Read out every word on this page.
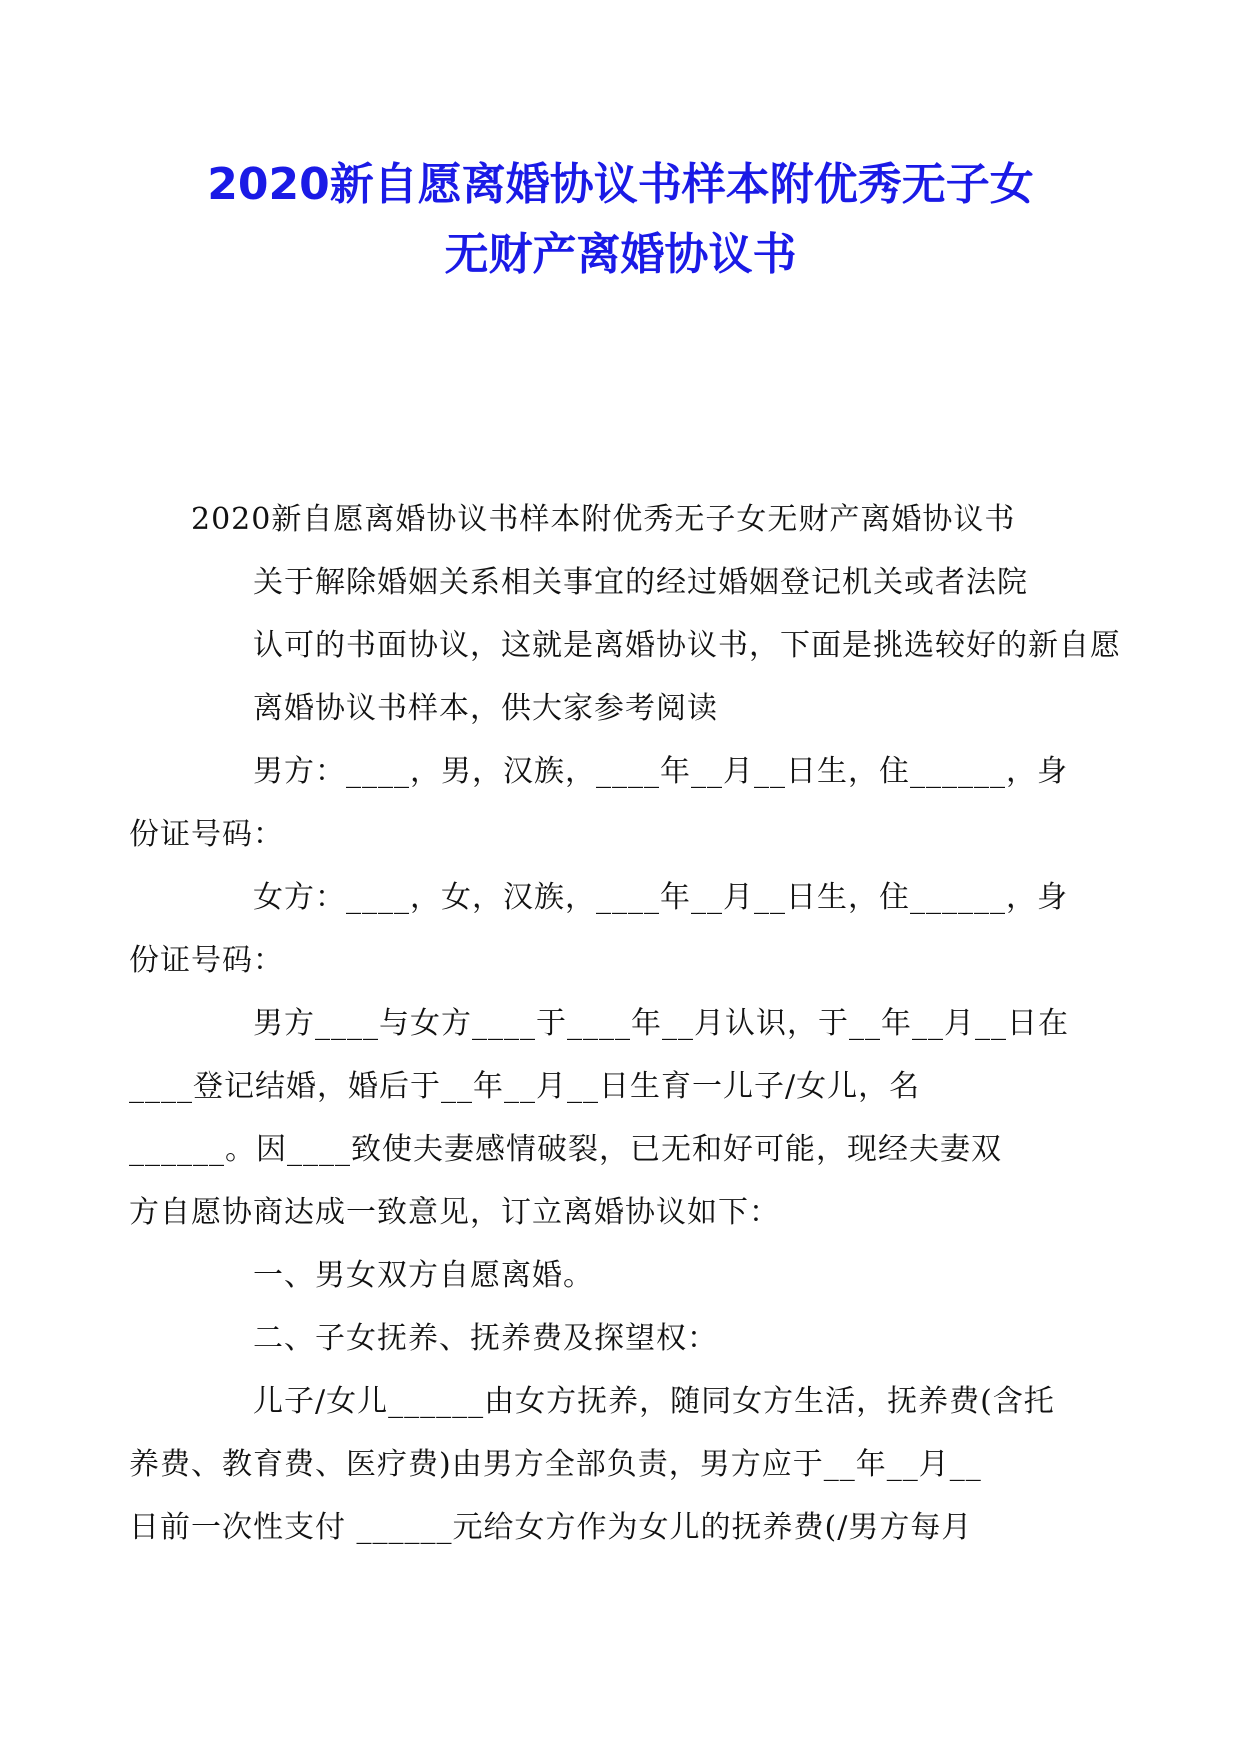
2020新自愿离婚协议书样本附优秀无子女
无财产离婚协议书

2020新自愿离婚协议书样本附优秀无子女无财产离婚协议书

关于解除婚姻关系相关事宜的经过婚姻登记机关或者法院
认可的书面协议，这就是离婚协议书，下面是挑选较好的新自愿
离婚协议书样本，供大家参考阅读

男方：____，男，汉族，____年__月__日生，住______，身
份证号码：

女方：____，女，汉族，____年__月__日生，住______，身
份证号码：

男方____与女方____于____年__月认识，于__年__月__日在
____登记结婚，婚后于__年__月__日生育一儿子/女儿，名
______。因____致使夫妻感情破裂，已无和好可能，现经夫妻双
方自愿协商达成一致意见，订立离婚协议如下：

一、男女双方自愿离婚。

二、子女抚养、抚养费及探望权：

儿子/女儿______由女方抚养，随同女方生活，抚养费(含托
养费、教育费、医疗费)由男方全部负责，男方应于__年__月__
日前一次性支付 ______元给女方作为女儿的抚养费(/男方每月
